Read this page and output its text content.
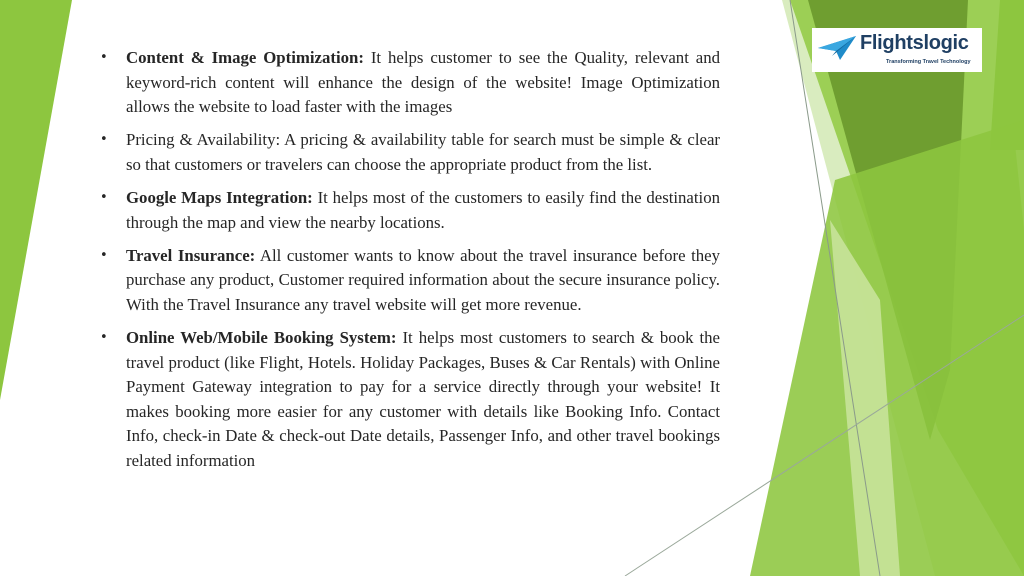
Flightslogic
Transforming Travel Technology
• Content & Image Optimization: It helps customer to see the Quality, relevant and keyword-rich content will enhance the design of the website! Image Optimization allows the website to load faster with the images
• Pricing & Availability: A pricing & availability table for search must be simple & clear so that customers or travelers can choose the appropriate product from the list.
• Google Maps Integration: It helps most of the customers to easily find the destination through the map and view the nearby locations.
• Travel Insurance: All customer wants to know about the travel insurance before they purchase any product, Customer required information about the secure insurance policy. With the Travel Insurance any travel website will get more revenue.
• Online Web/Mobile Booking System: It helps most customers to search & book the travel product (like Flight, Hotels. Holiday Packages, Buses & Car Rentals) with Online Payment Gateway integration to pay for a service directly through your website! It makes booking more easier for any customer with details like Booking Info. Contact Info, check-in Date & check-out Date details, Passenger Info, and other travel bookings related information
